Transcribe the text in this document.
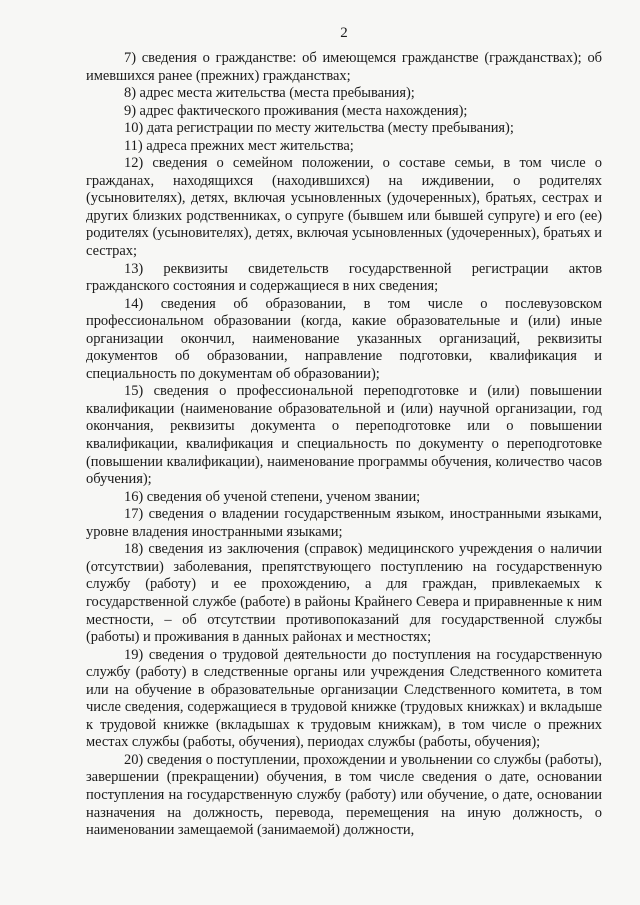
2

7) сведения о гражданстве: об имеющемся гражданстве (гражданствах); об имевшихся ранее (прежних) гражданствах;

8) адрес места жительства (места пребывания);

9) адрес фактического проживания (места нахождения);

10) дата регистрации по месту жительства (месту пребывания);

11) адреса прежних мест жительства;

12) сведения о семейном положении, о составе семьи, в том числе о гражданах, находящихся (находившихся) на иждивении, о родителях (усыновителях), детях, включая усыновленных (удочеренных), братьях, сестрах и других близких родственниках, о супруге (бывшем или бывшей супруге) и его (ее) родителях (усыновителях), детях, включая усыновленных (удочеренных), братьях и сестрах;

13) реквизиты свидетельств государственной регистрации актов гражданского состояния и содержащиеся в них сведения;

14) сведения об образовании, в том числе о послевузовском профессиональном образовании (когда, какие образовательные и (или) иные организации окончил, наименование указанных организаций, реквизиты документов об образовании, направление подготовки, квалификация и специальность по документам об образовании);

15) сведения о профессиональной переподготовке и (или) повышении квалификации (наименование образовательной и (или) научной организации, год окончания, реквизиты документа о переподготовке или о повышении квалификации, квалификация и специальность по документу о переподготовке (повышении квалификации), наименование программы обучения, количество часов обучения);

16) сведения об ученой степени, ученом звании;

17) сведения о владении государственным языком, иностранными языками, уровне владения иностранными языками;

18) сведения из заключения (справок) медицинского учреждения о наличии (отсутствии) заболевания, препятствующего поступлению на государственную службу (работу) и ее прохождению, а для граждан, привлекаемых к государственной службе (работе) в районы Крайнего Севера и приравненные к ним местности, – об отсутствии противопоказаний для государственной службы (работы) и проживания в данных районах и местностях;

19) сведения о трудовой деятельности до поступления на государственную службу (работу) в следственные органы или учреждения Следственного комитета или на обучение в образовательные организации Следственного комитета, в том числе сведения, содержащиеся в трудовой книжке (трудовых книжках) и вкладыше к трудовой книжке (вкладышах к трудовым книжкам), в том числе о прежних местах службы (работы, обучения), периодах службы (работы, обучения);

20) сведения о поступлении, прохождении и увольнении со службы (работы), завершении (прекращении) обучения, в том числе сведения о дате, основании поступления на государственную службу (работу) или обучение, о дате, основании назначения на должность, перевода, перемещения на иную должность, о наименовании замещаемой (занимаемой) должности,
